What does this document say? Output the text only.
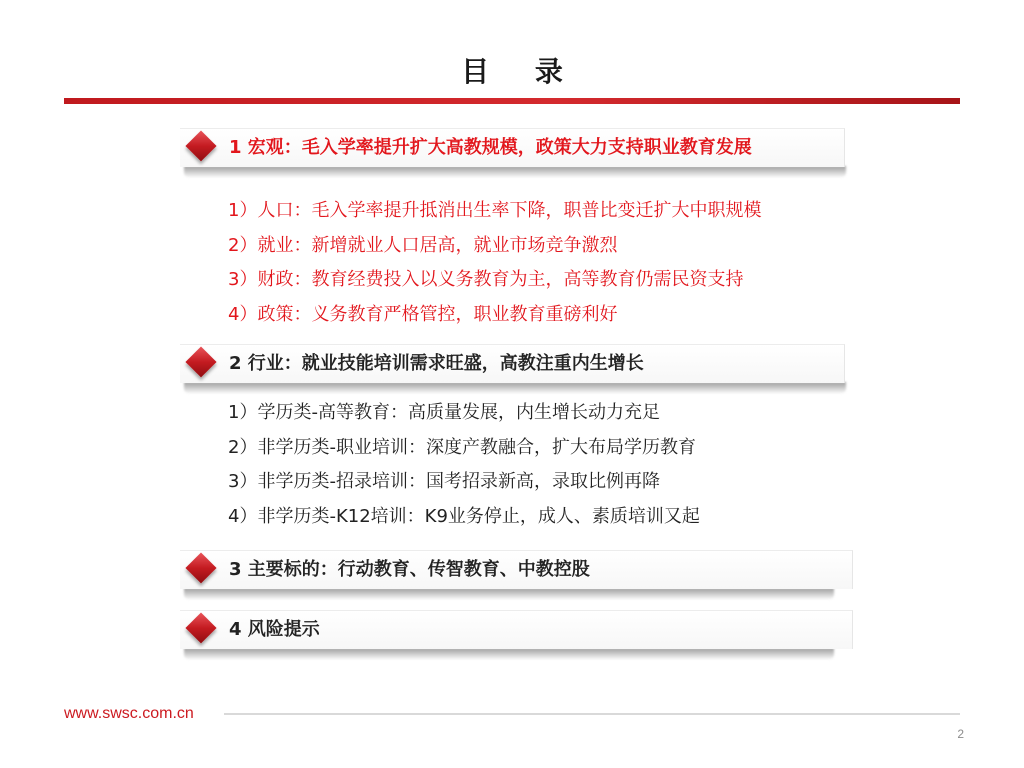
目 录
1 宏观：毛入学率提升扩大高教规模，政策大力支持职业教育发展
1）人口：毛入学率提升抵消出生率下降，职普比变迁扩大中职规模
2）就业：新增就业人口居高，就业市场竞争激烈
3）财政：教育经费投入以义务教育为主，高等教育仍需民资支持
4）政策：义务教育严格管控，职业教育重磅利好
2 行业：就业技能培训需求旺盛，高教注重内生增长
1）学历类-高等教育：高质量发展，内生增长动力充足
2）非学历类-职业培训：深度产教融合，扩大布局学历教育
3）非学历类-招录培训：国考招录新高，录取比例再降
4）非学历类-K12培训：K9业务停止，成人、素质培训又起
3 主要标的：行动教育、传智教育、中教控股
4 风险提示
www.swsc.com.cn
2
